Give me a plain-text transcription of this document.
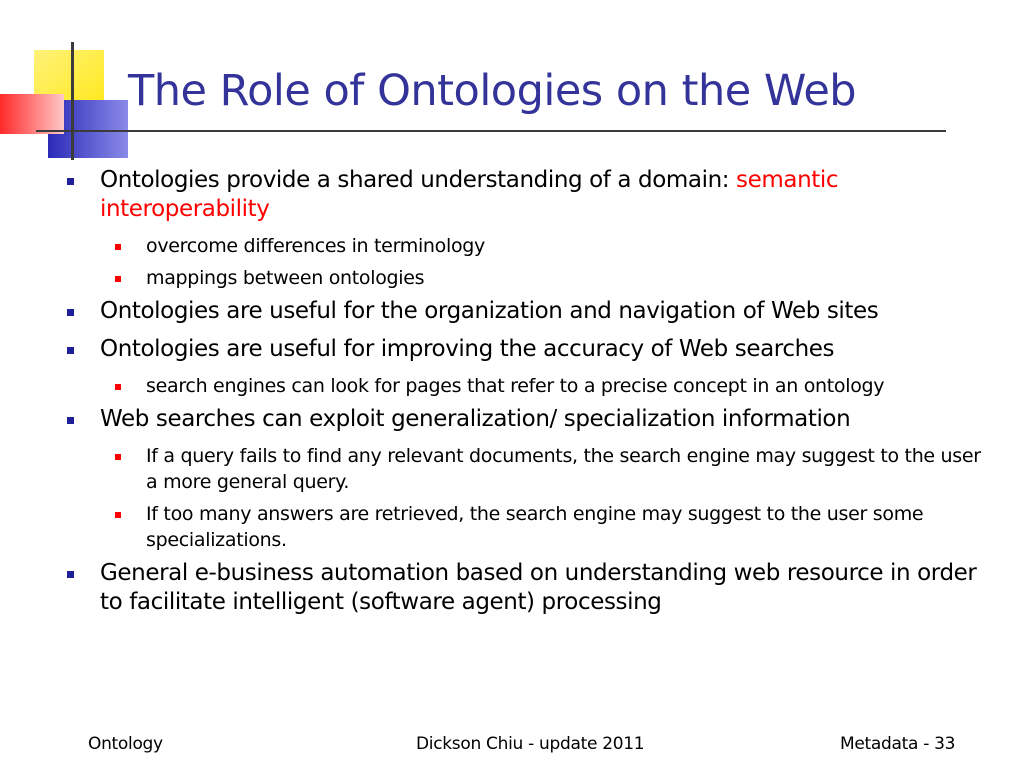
The Role of Ontologies on the Web
Ontologies provide a shared understanding of a domain: semantic interoperability
overcome differences in terminology
mappings between ontologies
Ontologies are useful for the organization and navigation of Web sites
Ontologies are useful for improving the accuracy of Web searches
search engines can look for pages that refer to a precise concept in an ontology
Web searches can exploit generalization/ specialization information
If a query fails to find any relevant documents, the search engine may suggest to the user a more general query.
If too many answers are retrieved, the search engine may suggest to the user some specializations.
General e-business automation based on understanding web resource in order to facilitate intelligent (software agent) processing
Ontology	Dickson Chiu - update 2011	Metadata - 33
